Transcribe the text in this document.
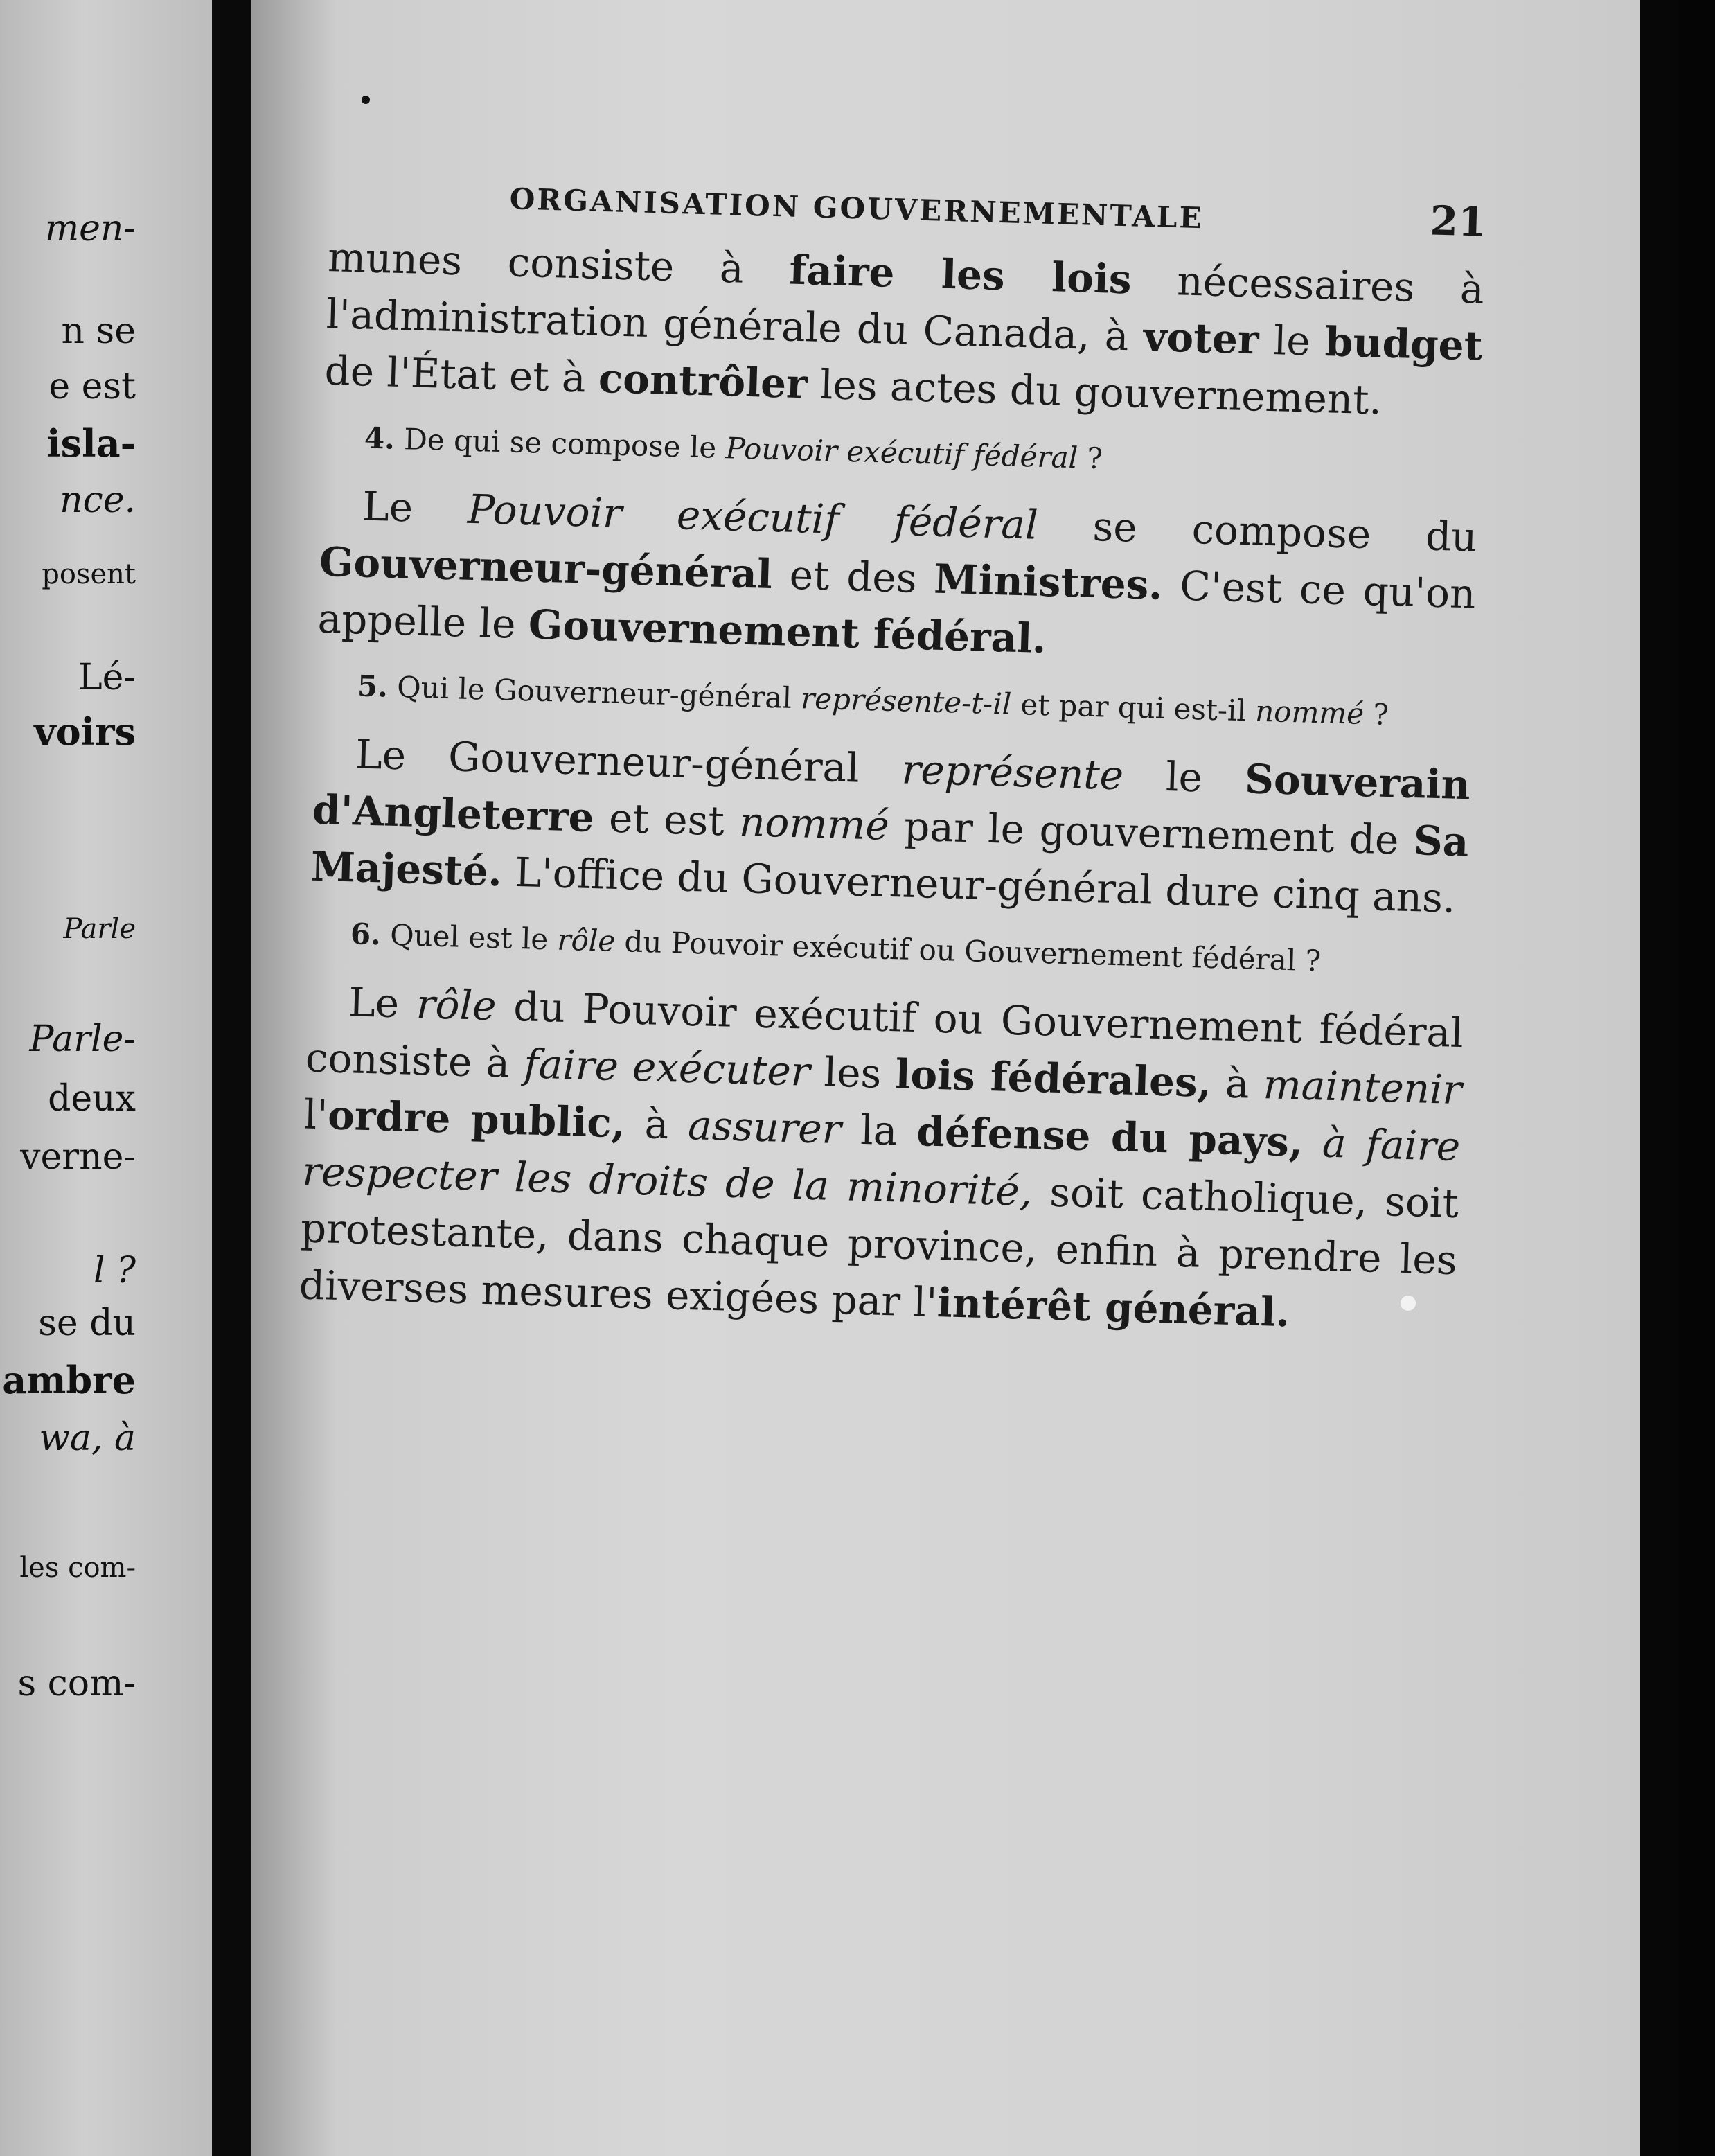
men-
n se
e est
isla-
nce.
posent
Lé-
voirs
Parle
Parle-
deux
verne-
l ?
se du
ambre
wa, à
les com-
s com-
ORGANISATION GOUVERNEMENTALE	21

munes consiste à faire les lois nécessaires à l'administration générale du Canada, à voter le budget de l'État et à contrôler les actes du gouvernement.

4. De qui se compose le Pouvoir exécutif fédéral ?

Le Pouvoir exécutif fédéral se compose du Gouverneur-général et des Ministres. C'est ce qu'on appelle le Gouvernement fédéral.

5. Qui le Gouverneur-général représente-t-il et par qui est-il nommé ?

Le Gouverneur-général représente le Souverain d'Angleterre et est nommé par le gouvernement de Sa Majesté. L'office du Gouverneur-général dure cinq ans.

6. Quel est le rôle du Pouvoir exécutif ou Gouvernement fédéral ?

Le rôle du Pouvoir exécutif ou Gouvernement fédéral consiste à faire exécuter les lois fédérales, à maintenir l'ordre public, à assurer la défense du pays, à faire respecter les droits de la minorité, soit catholique, soit protestante, dans chaque province, enfin à prendre les diverses mesures exigées par l'intérêt général.
